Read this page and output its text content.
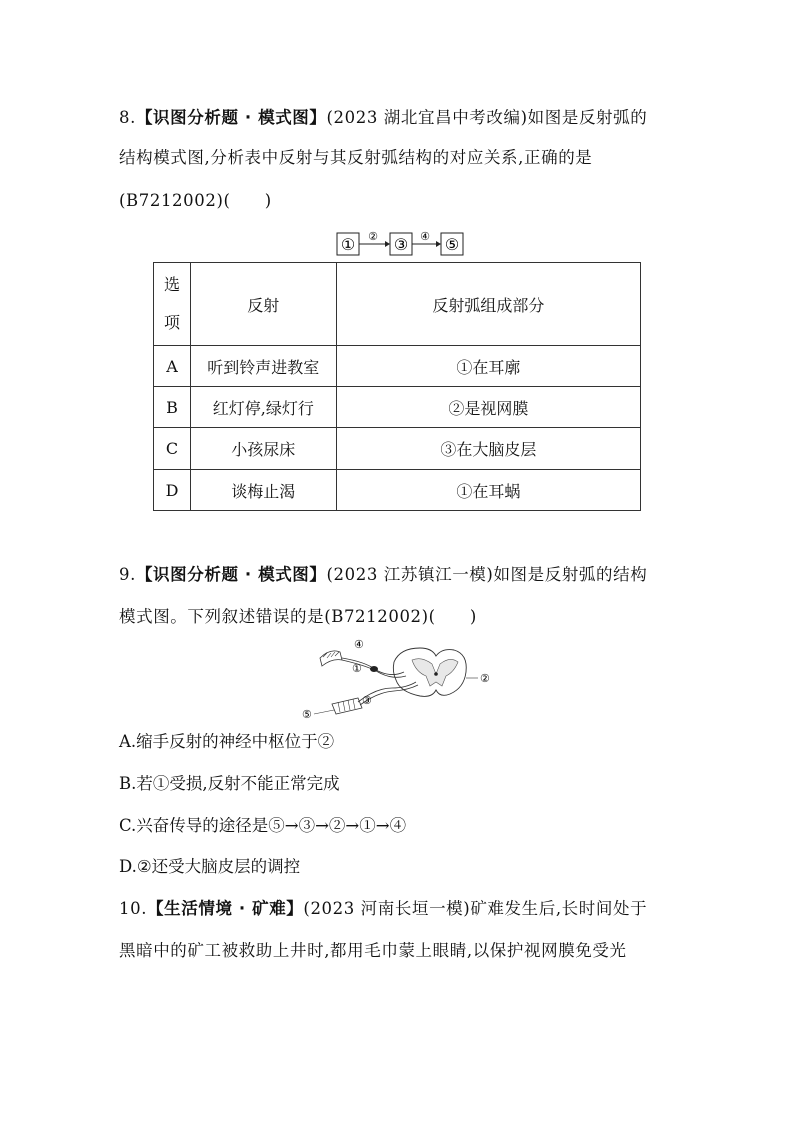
8.【识图分析题 · 模式图】(2023 湖北宜昌中考改编)如图是反射弧的
结构模式图,分析表中反射与其反射弧结构的对应关系,正确的是
(B7212002)(　　)
① ② ③ ④ ⑤
选
项	反射	反射弧组成部分
A	听到铃声进教室	①在耳廓
B	红灯停,绿灯行	②是视网膜
C	小孩尿床	③在大脑皮层
D	谈梅止渴	①在耳蜗
9.【识图分析题 · 模式图】(2023 江苏镇江一模)如图是反射弧的结构
模式图。下列叙述错误的是(B7212002)(　　)
④
①
②
③
⑤
A.缩手反射的神经中枢位于②
B.若①受损,反射不能正常完成
C.兴奋传导的途径是⑤→③→②→①→④
D.②还受大脑皮层的调控
10.【生活情境 · 矿难】(2023 河南长垣一模)矿难发生后,长时间处于
黑暗中的矿工被救助上井时,都用毛巾蒙上眼睛,以保护视网膜免受光
